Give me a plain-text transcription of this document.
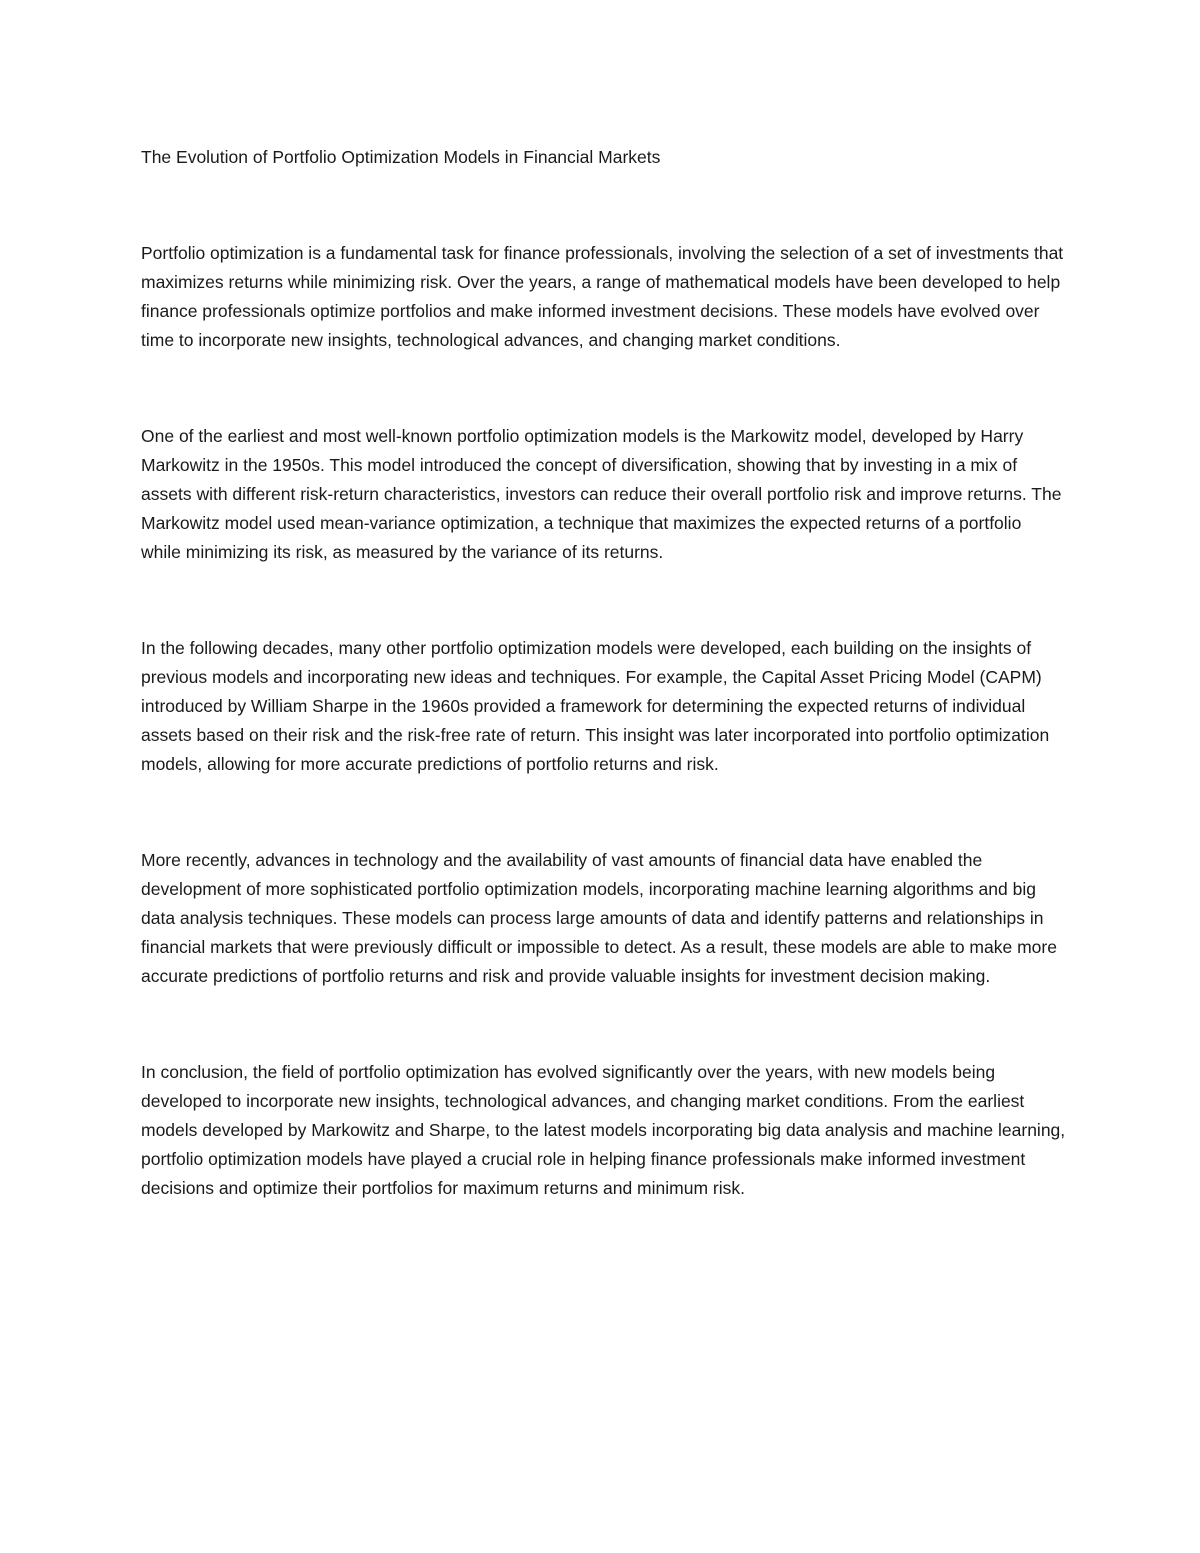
The Evolution of Portfolio Optimization Models in Financial Markets

Portfolio optimization is a fundamental task for finance professionals, involving the selection of a set of investments that maximizes returns while minimizing risk. Over the years, a range of mathematical models have been developed to help finance professionals optimize portfolios and make informed investment decisions. These models have evolved over time to incorporate new insights, technological advances, and changing market conditions.

One of the earliest and most well-known portfolio optimization models is the Markowitz model, developed by Harry Markowitz in the 1950s. This model introduced the concept of diversification, showing that by investing in a mix of assets with different risk-return characteristics, investors can reduce their overall portfolio risk and improve returns. The Markowitz model used mean-variance optimization, a technique that maximizes the expected returns of a portfolio while minimizing its risk, as measured by the variance of its returns.

In the following decades, many other portfolio optimization models were developed, each building on the insights of previous models and incorporating new ideas and techniques. For example, the Capital Asset Pricing Model (CAPM) introduced by William Sharpe in the 1960s provided a framework for determining the expected returns of individual assets based on their risk and the risk-free rate of return. This insight was later incorporated into portfolio optimization models, allowing for more accurate predictions of portfolio returns and risk.

More recently, advances in technology and the availability of vast amounts of financial data have enabled the development of more sophisticated portfolio optimization models, incorporating machine learning algorithms and big data analysis techniques. These models can process large amounts of data and identify patterns and relationships in financial markets that were previously difficult or impossible to detect. As a result, these models are able to make more accurate predictions of portfolio returns and risk and provide valuable insights for investment decision making.

In conclusion, the field of portfolio optimization has evolved significantly over the years, with new models being developed to incorporate new insights, technological advances, and changing market conditions. From the earliest models developed by Markowitz and Sharpe, to the latest models incorporating big data analysis and machine learning, portfolio optimization models have played a crucial role in helping finance professionals make informed investment decisions and optimize their portfolios for maximum returns and minimum risk.
